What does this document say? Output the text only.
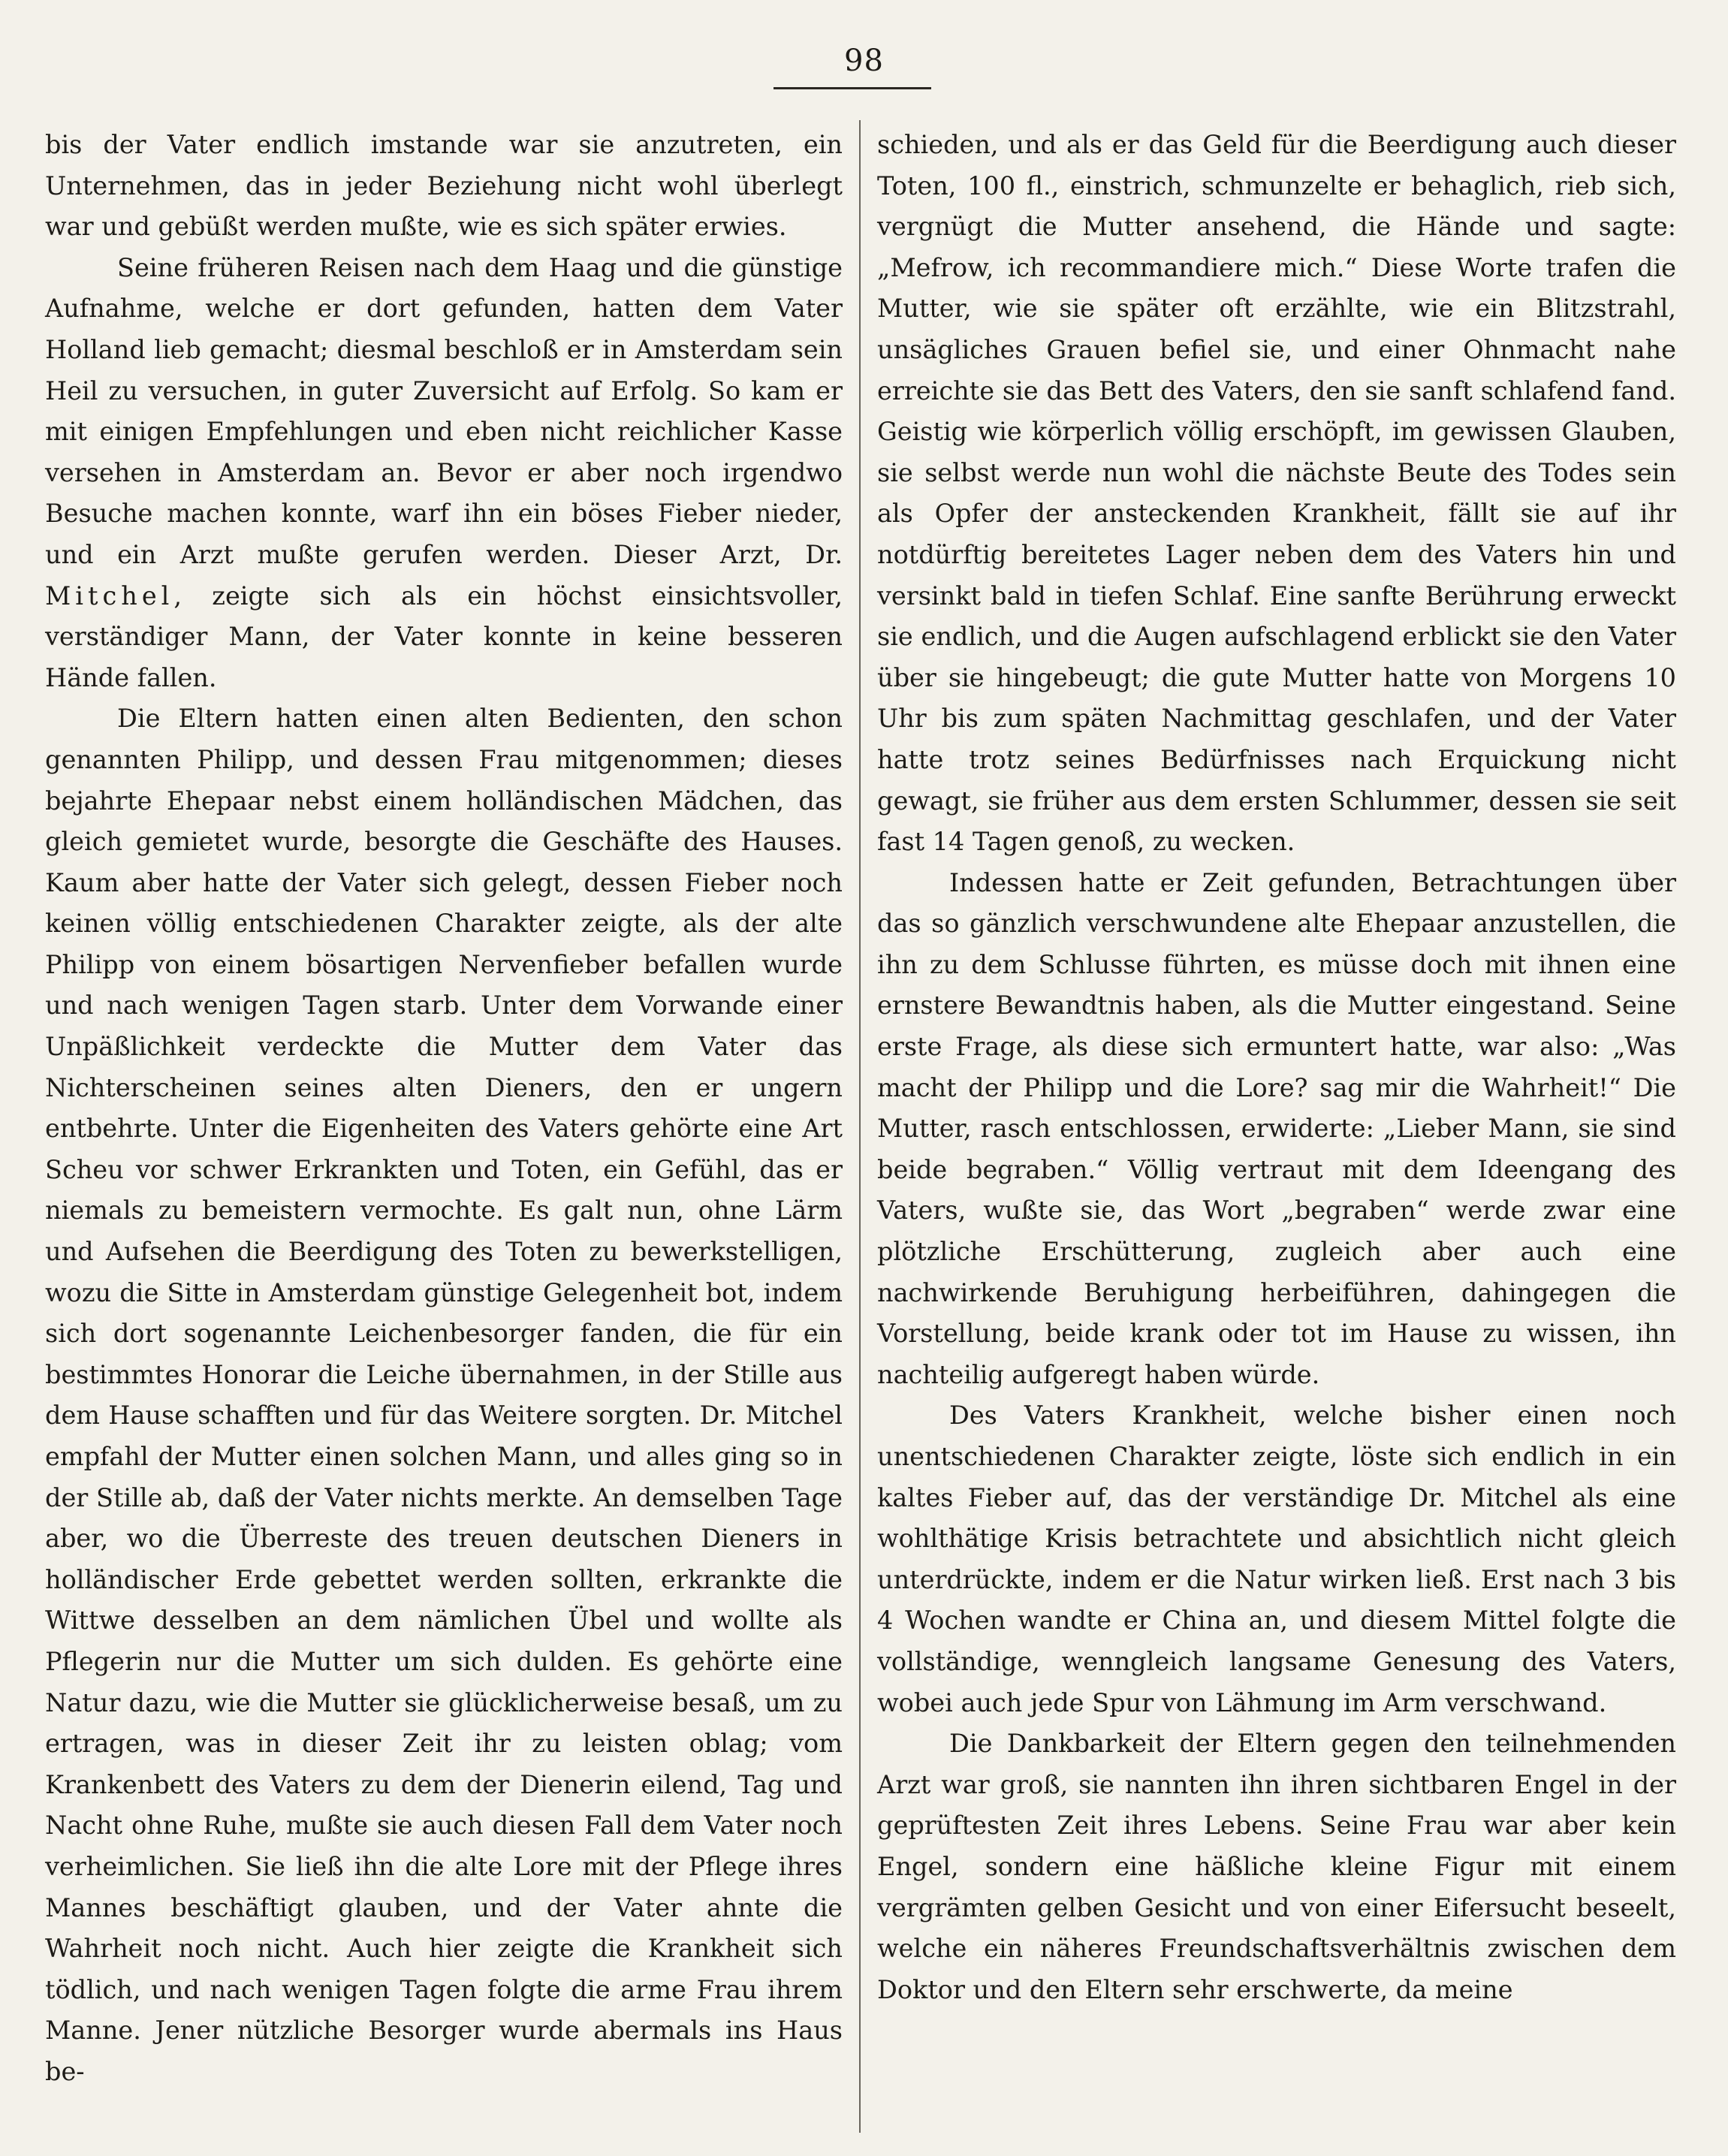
98

bis der Vater endlich imstande war sie anzutreten, ein Unternehmen, das in jeder Beziehung nicht wohl überlegt war und gebüßt werden mußte, wie es sich später erwies.

Seine früheren Reisen nach dem Haag und die günstige Aufnahme, welche er dort gefunden, hatten dem Vater Holland lieb gemacht; diesmal beschloß er in Amsterdam sein Heil zu versuchen, in guter Zuversicht auf Erfolg. So kam er mit einigen Empfehlungen und eben nicht reichlicher Kasse versehen in Amsterdam an. Bevor er aber noch irgendwo Besuche machen konnte, warf ihn ein böses Fieber nieder, und ein Arzt mußte gerufen werden. Dieser Arzt, Dr. Mitchel, zeigte sich als ein höchst einsichtsvoller, verständiger Mann, der Vater konnte in keine besseren Hände fallen.

Die Eltern hatten einen alten Bedienten, den schon genannten Philipp, und dessen Frau mitgenommen; dieses bejahrte Ehepaar nebst einem holländischen Mädchen, das gleich gemietet wurde, besorgte die Geschäfte des Hauses. Kaum aber hatte der Vater sich gelegt, dessen Fieber noch keinen völlig entschiedenen Charakter zeigte, als der alte Philipp von einem bösartigen Nervenfieber befallen wurde und nach wenigen Tagen starb. Unter dem Vorwande einer Unpäßlichkeit verdeckte die Mutter dem Vater das Nichterscheinen seines alten Dieners, den er ungern entbehrte. Unter die Eigenheiten des Vaters gehörte eine Art Scheu vor schwer Erkrankten und Toten, ein Gefühl, das er niemals zu bemeistern vermochte. Es galt nun, ohne Lärm und Aufsehen die Beerdigung des Toten zu bewerkstelligen, wozu die Sitte in Amsterdam günstige Gelegenheit bot, indem sich dort sogenannte Leichenbesorger fanden, die für ein bestimmtes Honorar die Leiche übernahmen, in der Stille aus dem Hause schafften und für das Weitere sorgten. Dr. Mitchel empfahl der Mutter einen solchen Mann, und alles ging so in der Stille ab, daß der Vater nichts merkte. An demselben Tage aber, wo die Überreste des treuen deutschen Dieners in holländischer Erde gebettet werden sollten, erkrankte die Wittwe desselben an dem nämlichen Übel und wollte als Pflegerin nur die Mutter um sich dulden. Es gehörte eine Natur dazu, wie die Mutter sie glücklicherweise besaß, um zu ertragen, was in dieser Zeit ihr zu leisten oblag; vom Krankenbett des Vaters zu dem der Dienerin eilend, Tag und Nacht ohne Ruhe, mußte sie auch diesen Fall dem Vater noch verheimlichen. Sie ließ ihn die alte Lore mit der Pflege ihres Mannes beschäftigt glauben, und der Vater ahnte die Wahrheit noch nicht. Auch hier zeigte die Krankheit sich tödlich, und nach wenigen Tagen folgte die arme Frau ihrem Manne. Jener nützliche Besorger wurde abermals ins Haus be-

schieden, und als er das Geld für die Beerdigung auch dieser Toten, 100 fl., einstrich, schmunzelte er behaglich, rieb sich, vergnügt die Mutter ansehend, die Hände und sagte: „Mefrow, ich recommandiere mich.“ Diese Worte trafen die Mutter, wie sie später oft erzählte, wie ein Blitzstrahl, unsägliches Grauen befiel sie, und einer Ohnmacht nahe erreichte sie das Bett des Vaters, den sie sanft schlafend fand. Geistig wie körperlich völlig erschöpft, im gewissen Glauben, sie selbst werde nun wohl die nächste Beute des Todes sein als Opfer der ansteckenden Krankheit, fällt sie auf ihr notdürftig bereitetes Lager neben dem des Vaters hin und versinkt bald in tiefen Schlaf. Eine sanfte Berührung erweckt sie endlich, und die Augen aufschlagend erblickt sie den Vater über sie hingebeugt; die gute Mutter hatte von Morgens 10 Uhr bis zum späten Nachmittag geschlafen, und der Vater hatte trotz seines Bedürfnisses nach Erquickung nicht gewagt, sie früher aus dem ersten Schlummer, dessen sie seit fast 14 Tagen genoß, zu wecken.

Indessen hatte er Zeit gefunden, Betrachtungen über das so gänzlich verschwundene alte Ehepaar anzustellen, die ihn zu dem Schlusse führten, es müsse doch mit ihnen eine ernstere Bewandtnis haben, als die Mutter eingestand. Seine erste Frage, als diese sich ermuntert hatte, war also: „Was macht der Philipp und die Lore? sag mir die Wahrheit!“ Die Mutter, rasch entschlossen, erwiderte: „Lieber Mann, sie sind beide begraben.“ Völlig vertraut mit dem Ideengang des Vaters, wußte sie, das Wort „begraben“ werde zwar eine plötzliche Erschütterung, zugleich aber auch eine nachwirkende Beruhigung herbeiführen, dahingegen die Vorstellung, beide krank oder tot im Hause zu wissen, ihn nachteilig aufgeregt haben würde.

Des Vaters Krankheit, welche bisher einen noch unentschiedenen Charakter zeigte, löste sich endlich in ein kaltes Fieber auf, das der verständige Dr. Mitchel als eine wohlthätige Krisis betrachtete und absichtlich nicht gleich unterdrückte, indem er die Natur wirken ließ. Erst nach 3 bis 4 Wochen wandte er China an, und diesem Mittel folgte die vollständige, wenngleich langsame Genesung des Vaters, wobei auch jede Spur von Lähmung im Arm verschwand.

Die Dankbarkeit der Eltern gegen den teilnehmenden Arzt war groß, sie nannten ihn ihren sichtbaren Engel in der geprüftesten Zeit ihres Lebens. Seine Frau war aber kein Engel, sondern eine häßliche kleine Figur mit einem vergrämten gelben Gesicht und von einer Eifersucht beseelt, welche ein näheres Freundschaftsverhältnis zwischen dem Doktor und den Eltern sehr erschwerte, da meine
